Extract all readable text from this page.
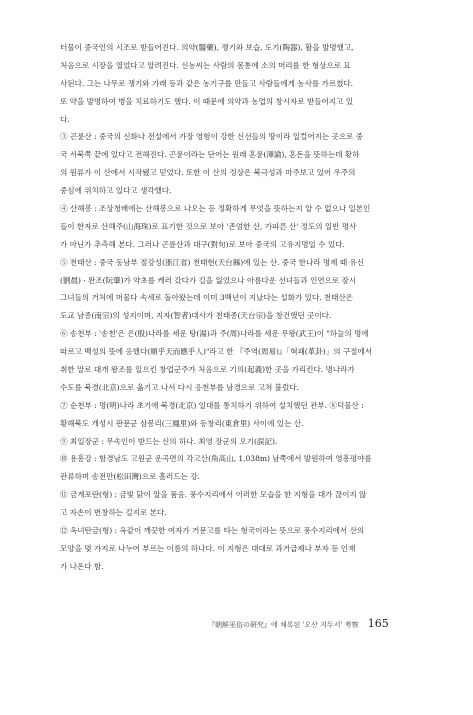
터물이 중국인의 시조로 받들어진다. 의약(醫藥), 쟁기와 보습, 도기(陶器), 활을 발명했고,
처음으로 시장을 열었다고 알려진다. 신농씨는 사람의 몸통에 소의 머리를 한 형상으로 묘
사된다. 그는 나무로 쟁기와 가래 등과 같은 농기구를 만들고 사람들에게 농사를 가르쳤다.
또 약을 발명하여 병을 치료하기도 했다. 이 때문에 의약과 농업의 창시자로 받들어지고 있
다.
③ 곤륜산 : 중국의 신화나 전설에서 가장 영험이 강한 신선들의 땅이라 일컬어지는 곳으로 중
국 서북쪽 끝에 있다고 전해진다. 곤륜이라는 단어는 원래 혼륜(渾淪), 혼돈을 뜻하는데 황하
의 원류가 이 산에서 시작됐고 믿었다. 또한 이 산의 정상은 북극성과 마주보고 있어 우주의
중심에 위치하고 있다고 생각했다.
④ 산해봉 : 조상청배에는 산해봉으로 나오는 등 정확하게 무엇을 뜻하는지 알 수 없으나 일본인
들이 한자로 산해주(山海珠)로 표기한 것으로 보아 '존엄한 산, 가파른 산' 정도의 일반 명사
가 아닌가 추측해 본다. 그러나 곤륜산과 대구(對句)로 보아 중국의 고유지명일 수 있다.
⑤ 천태산 : 중국 동남부 절강성(浙江省) 천태현(天台縣)에 있는 산. 중국 한나라 명제 때 유신
(劉晨) · 완조(阮肇)가 약초를 캐러 갔다가 길을 잃었으나 아름다운 선녀들과 인연으로 잠시
그녀들의 거처에 머물다 속세로 돌아왔는데 이미 3백년이 지났다는 설화가 있다. 천태산은
도교 남종(南宗)의 성지이며, 지자(智者)대사가 천태종(天台宗)을 창건했던 곳이다.
⑥ 송천부 : '송천'은 은(殷)나라를 세운 탕(湯)과 주(周)나라를 세운 무왕(武王)이 "하늘의 명에
따르고 백성의 뜻에 응했다(順乎天而應乎人)"라고 한 『주역(周易)』「혁괘(革卦)」의 구절에서
취한 말로 대개 왕조를 일으킨 창업군주가 처음으로 기의(起義)한 곳을 가리킨다. 명나라가
수도를 북경(北京)으로 옮기고 나서 다시 응천부를 남경으로 고쳐 불렀다.
⑦ 순천부 : 명(明)나라 초기에 북경(北京) 일대를 통치하기 위하여 설치했던 관부. ⑧덕물산 :
황해북도 개성시 판문군 삼봉리(三鳳里)와 동창리(東倉里) 사이에 있는 산.
⑨ 최일장군 : 무속인이 받드는 신의 하나. 최영 장군의 오기(誤記).
⑩ 용흥강 : 함경남도 고원군 운곡면의 각고산(角高山, 1,038m) 남쪽에서 발원하여 영흥평야를
관류하며 송전만(松田灣)으로 흘러드는 강.
⑪ 금계포란(형) : 금빛 닭이 알을 품음. 풍수지리에서 이러한 모습을 한 지형을 대가 끊이지 않
고 자손이 번창하는 길지로 본다.
⑫ 옥녀탄금(형) : 옥같이 깨끗한 여자가 거문고를 타는 형국이라는 뜻으로 풍수지리에서 산의
모양을 몇 가지로 나누어 부르는 이름의 하나다. 이 지형은 대대로 과거급제나 부자 등 인재
가 나온다 함.
『朝鮮巫俗の硏究』에 채록된 '오산 지두서' 考察 165
